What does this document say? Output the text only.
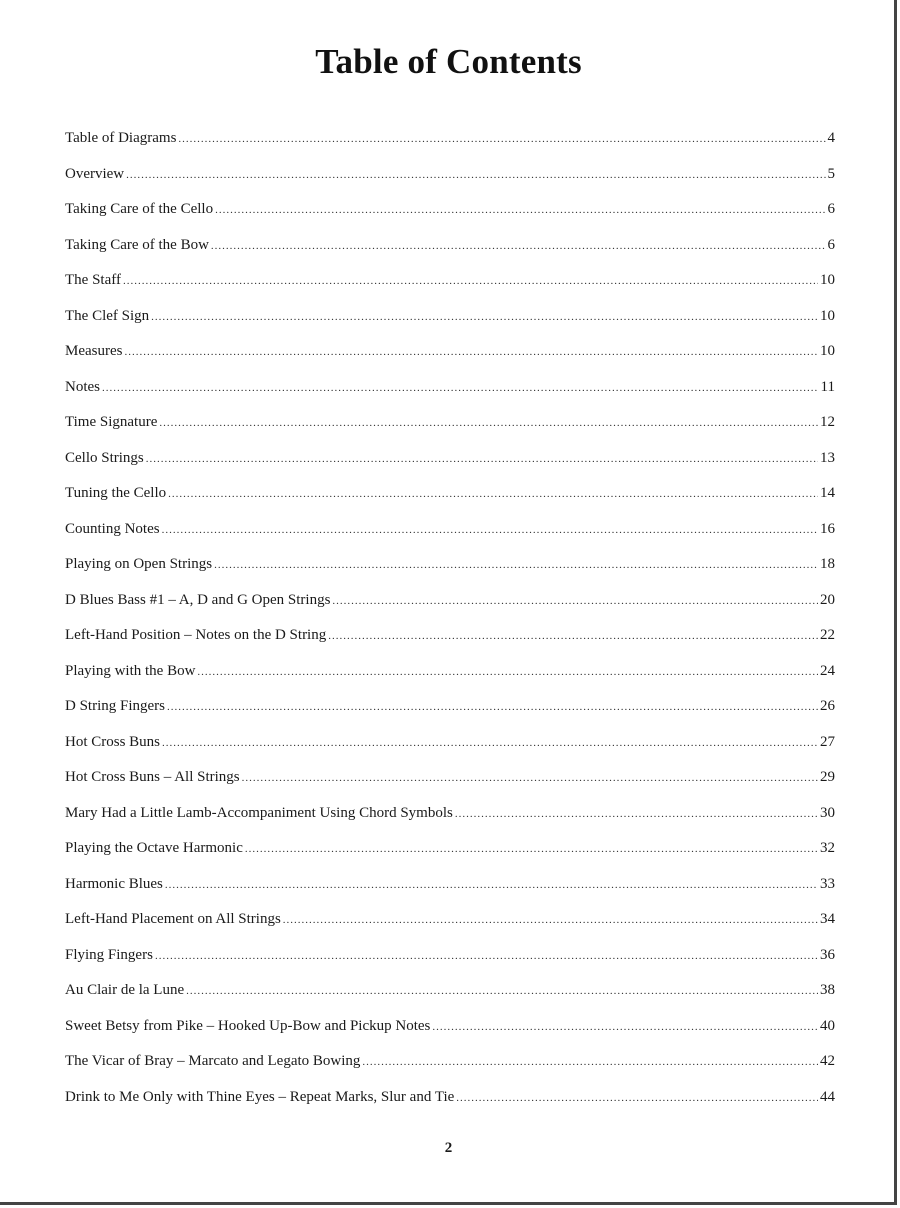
Table of Contents
Table of Diagrams .....	4
Overview .....	5
Taking Care of the Cello .....	6
Taking Care of the Bow .....	6
The Staff .....	10
The Clef Sign .....	10
Measures .....	10
Notes .....	11
Time Signature .....	12
Cello Strings .....	13
Tuning the Cello .....	14
Counting Notes .....	16
Playing on Open Strings .....	18
D Blues Bass #1 – A, D and G Open Strings .....	20
Left-Hand Position – Notes on the D String .....	22
Playing with the Bow .....	24
D String Fingers .....	26
Hot Cross Buns .....	27
Hot Cross Buns – All Strings .....	29
Mary Had a Little Lamb-Accompaniment Using Chord Symbols .....	30
Playing the Octave Harmonic .....	32
Harmonic Blues .....	33
Left-Hand Placement on All Strings .....	34
Flying Fingers .....	36
Au Clair de la Lune .....	38
Sweet Betsy from Pike – Hooked Up-Bow and Pickup Notes .....	40
The Vicar of Bray – Marcato and Legato Bowing .....	42
Drink to Me Only with Thine Eyes – Repeat Marks, Slur and Tie .....	44
2
